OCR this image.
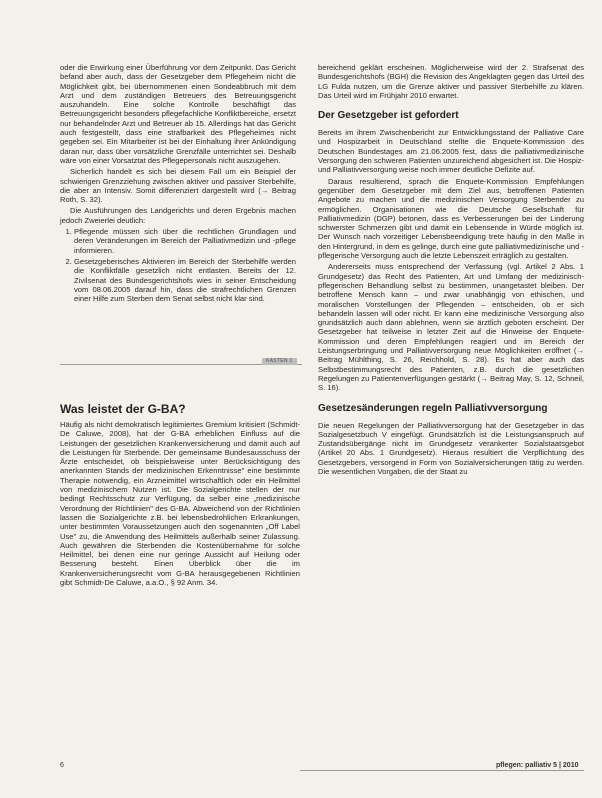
oder die Erwirkung einer Überführung vor dem Zeitpunkt. Das Gericht befand aber auch, dass der Gesetzgeber dem Pflegeheim nicht die Möglichkeit gibt, bei übernommenen einen Sondeabbruch mit dem Arzt und dem zuständigen Betreuers des Betreuungsgericht auszuhandeln. Eine solche Kontrolle beschäftigt das Betreuungsgericht besonders pflegefachliche Konfliktbereiche, ersetzt nur behandelnder Arzt und Betreuer ab 15. Allerdings hat das Gericht auch festgestellt, dass eine strafbarkeit des Pflegeheimes nicht gegeben sei. Ein Mitarbeiter ist bei der Einhaltung ihrer Ankündigung daran nur, dass über vorsätzliche Grenzfälle unterrichtet sei. Deshalb wäre von einer Vorsatztat des Pflegepersonals nicht auszugehen.

Sicherlich handelt es sich bei diesem Fall um ein Beispiel der schwierigen Grenzziehung zwischen aktiver und passiver Sterbehilfe, die aber an Intensiv. Somit differenziert dargestellt wird (→ Beitrag Roth, S. 32).

Die Ausführungen des Landgerichts und deren Ergebnis machen jedoch Zweierlei deutlich:

1. Pflegende müssen sich über die rechtlichen Grundlagen und deren Veränderungen im Bereich der Palliativmedizin und -pflege informieren.
2. Gesetzgeberisches Aktivieren im Bereich der Sterbehilfe werden die Konfliktfälle gesetzlich nicht entlasten. Bereits der 12. Zivilsenat des Bundesgerichtshofs wies in seiner Entscheidung vom 08.06.2005 darauf hin, dass die strafrechtlichen Grenzen einer Hilfe zum Sterben dem Senat selbst nicht klar sind.
KASTEN 1
Was leistet der G-BA?
Häufig als nicht demokratisch legitimiertes Gremium kritisiert (Schmidt-De Caluwe, 2008), hat der G-BA erheblichen Einfluss auf die Leistungen der gesetzlichen Krankenversicherung und damit auch auf die Leistungen für Sterbende. Der gemeinsame Bundesausschuss der Ärzte entscheidet, ob beispielsweise unter Berücksichtigung des anerkannten Stands der medizinischen Erkenntnisse" eine bestimmte Therapie notwendig, ein Arzneimittel wirtschaftlich oder ein Heilmittel von medizinischem Nutzen ist. Die Sozialgerichte stellen der nur bedingt Rechtsschutz zur Verfügung, da selber eine „medizinische Verordnung der Richtlinien" des G-BA. Abweichend von der Richtlinien lassen die Sozialgerichte z.B. bei lebensbedrohlichen Erkrankungen, unter bestimmten Voraussetzungen auch den sogenannten „Off Label Use" zu, die Anwendung des Heilmittels außerhalb seiner Zulassung. Auch gewähren die Sterbenden die Kostenübernahme für solche Heilmittel, bei denen eine nur geringe Aussicht auf Heilung oder Besserung besteht. Einen Überblick über die im Krankenversicherungsrecht vom G-BA herausgegebenen Richtlinien gibt Schmidt-De Caluwe, a.a.O., § 92 Anm. 34.

bereichend geklärt erscheinen. Möglicherweise wird der 2. Strafsenat des Bundesgerichtshofs (BGH) die Revision des Angeklagten gegen das Urteil des LG Fulda nutzen, um die Grenze aktiver und passiver Sterbehilfe zu klären. Das Urteil wird im Frühjahr 2010 erwartet.

Der Gesetzgeber ist gefordert

Bereits im ihrem Zwischenbericht zur Entwicklungsstand der Palliative Care und Hospizarbeit in Deutschland stellte die Enquete-Kommission des Deutschen Bundestages am 21.06.2005 fest, dass die palliativmedizinische Versorgung den schweren Patienten unzureichend abgesichert ist. Die Hospiz- und Palliativversorgung weise noch immer deutliche Defizite auf.

Daraus resultierend, sprach die Enquete-Kommission Empfehlungen gegenüber dem Gesetzgeber mit dem Ziel aus, betroffenen Patienten Angebote zu machen und die medizinischen Versorgung Sterbender zu ermöglichen. Organisationen wie die Deutsche Gesellschaft für Palliativmedizin (DGP) betonen, dass es Verbesserungen bei der Linderung schwerster Schmerzen gibt und damit ein Lebensende in Würde möglich ist. Der Wunsch nach vorzeitiger Lebensbeendigung trete häufig in den Maße in den Hintergrund, in dem es gelinge, durch eine gute palliativmedizinische und -pflegerische Versorgung auch die letzte Lebenszeit erträglich zu gestalten.

Andererseits muss entsprechend der Verfassung (vgl. Artikel 2 Abs. 1 Grundgesetz) das Recht des Patienten, Art und Umfang der medizinisch-pflegerischen Behandlung selbst zu bestimmen, unangetastet bleiben. Der betroffene Mensch kann – und zwar unabhängig von ethischen, und moralischen Vorstellungen der Pflegenden – entscheiden, ob er sich behandeln lassen will oder nicht. Er kann eine medizinische Versorgung also grundsätzlich auch dann ablehnen, wenn sie ärztlich geboten erscheint. Der Gesetzgeber hat teilweise in letzter Zeit auf die Hinweise der Enquete-Kommission und deren Empfehlungen reagiert und im Bereich der Leistungserbringung und Palliativversorgung neue Möglichkeiten eröffnet (→ Beitrag Mühlthing, S. 26, Reichhold, S. 28). Es hat aber auch das Selbstbestimmungsrecht des Patienten, z.B. durch die gesetzlichen Regelungen zu Patientenverfügungen gestärkt (→ Beitrag May, S. 12, Schneil, S. 16).

Gesetzesänderungen regeln Palliativversorgung

Die neuen Regelungen der Palliativversorgung hat der Gesetzgeber in das Sozialgesetzbuch V eingefügt. Grundsätzlich ist die Leistungsanspruch auf Zustandsübergänge nicht im Grundgesetz verankerter Sozialstaatsgebot (Artikel 20 Abs. 1 Grundgesetz). Hieraus resultiert die Verpflichtung des Gesetzgebers, versorgend in Form von Sozialversicherungen tätig zu werden. Die wesentlichen Vorgaben, die der Staat zu

6	pflegen: palliativ 5 | 2010
